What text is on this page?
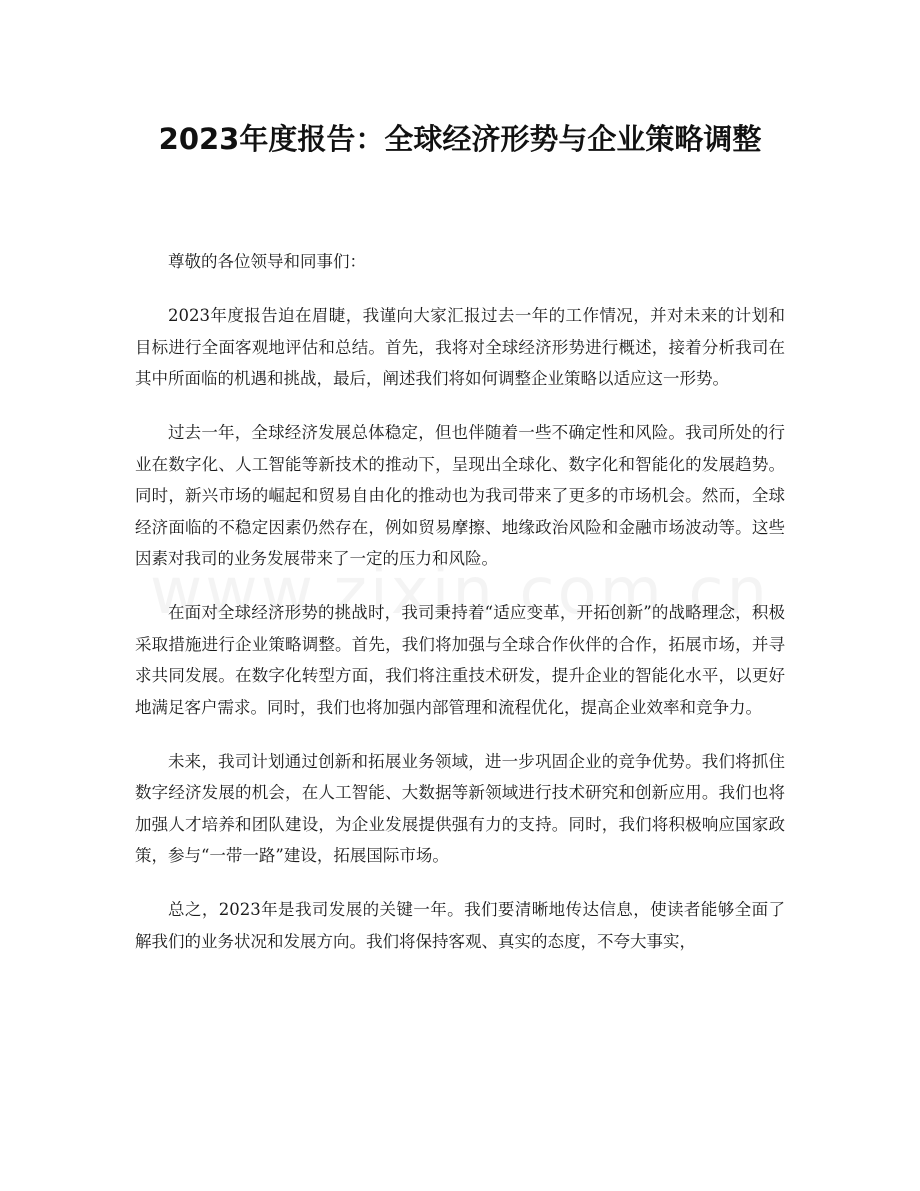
2023年度报告：全球经济形势与企业策略调整

尊敬的各位领导和同事们：

2023年度报告迫在眉睫，我谨向大家汇报过去一年的工作情况，并对未来的计划和目标进行全面客观地评估和总结。首先，我将对全球经济形势进行概述，接着分析我司在其中所面临的机遇和挑战，最后，阐述我们将如何调整企业策略以适应这一形势。

过去一年，全球经济发展总体稳定，但也伴随着一些不确定性和风险。我司所处的行业在数字化、人工智能等新技术的推动下，呈现出全球化、数字化和智能化的发展趋势。同时，新兴市场的崛起和贸易自由化的推动也为我司带来了更多的市场机会。然而，全球经济面临的不稳定因素仍然存在，例如贸易摩擦、地缘政治风险和金融市场波动等。这些因素对我司的业务发展带来了一定的压力和风险。

在面对全球经济形势的挑战时，我司秉持着“适应变革，开拓创新”的战略理念，积极采取措施进行企业策略调整。首先，我们将加强与全球合作伙伴的合作，拓展市场，并寻求共同发展。在数字化转型方面，我们将注重技术研发，提升企业的智能化水平，以更好地满足客户需求。同时，我们也将加强内部管理和流程优化，提高企业效率和竞争力。

未来，我司计划通过创新和拓展业务领域，进一步巩固企业的竞争优势。我们将抓住数字经济发展的机会，在人工智能、大数据等新领域进行技术研究和创新应用。我们也将加强人才培养和团队建设，为企业发展提供强有力的支持。同时，我们将积极响应国家政策，参与“一带一路”建设，拓展国际市场。

总之，2023年是我司发展的关键一年。我们要清晰地传达信息，使读者能够全面了解我们的业务状况和发展方向。我们将保持客观、真实的态度，不夸大事实，
